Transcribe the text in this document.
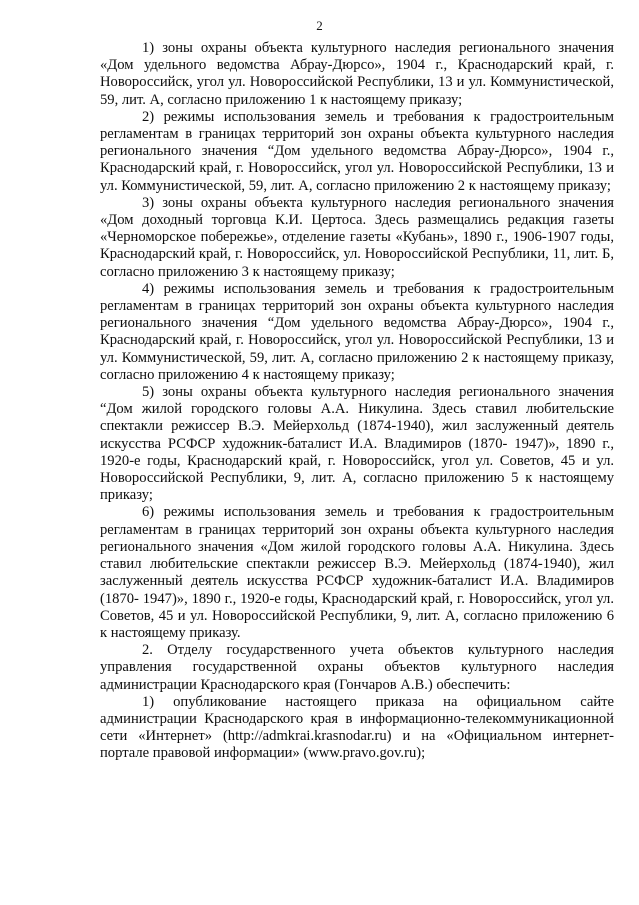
2

1) зоны охраны объекта культурного наследия регионального значения «Дом удельного ведомства Абрау-Дюрсо», 1904 г., Краснодарский край, г. Новороссийск, угол ул. Новороссийской Республики, 13 и ул. Коммунистической, 59, лит. А, согласно приложению 1 к настоящему приказу;

2) режимы использования земель и требования к градостроительным регламентам в границах территорий зон охраны объекта культурного наследия регионального значения “Дом удельного ведомства Абрау-Дюрсо», 1904 г., Краснодарский край, г. Новороссийск, угол ул. Новороссийской Республики, 13 и ул. Коммунистической, 59, лит. А, согласно приложению 2 к настоящему приказу;

3) зоны охраны объекта культурного наследия регионального значения «Дом доходный торговца К.И. Цертоса. Здесь размещались редакция газеты «Черноморское побережье», отделение газеты «Кубань», 1890 г., 1906-1907 годы, Краснодарский край, г. Новороссийск, ул. Новороссийской Республики, 11, лит. Б, согласно приложению 3 к настоящему приказу;

4) режимы использования земель и требования к градостроительным регламентам в границах территорий зон охраны объекта культурного наследия регионального значения “Дом удельного ведомства Абрау-Дюрсо», 1904 г., Краснодарский край, г. Новороссийск, угол ул. Новороссийской Республики, 13 и ул. Коммунистической, 59, лит. А, согласно приложению 2 к настоящему приказу, согласно приложению 4 к настоящему приказу;

5) зоны охраны объекта культурного наследия регионального значения “Дом жилой городского головы А.А. Никулина. Здесь ставил любительские спектакли режиссер В.Э. Мейерхольд (1874-1940), жил заслуженный деятель искусства РСФСР художник-баталист И.А. Владимиров (1870- 1947)», 1890 г., 1920-е годы, Краснодарский край, г. Новороссийск, угол ул. Советов, 45 и ул. Новороссийской Республики, 9, лит. А, согласно приложению 5 к настоящему приказу;

6) режимы использования земель и требования к градостроительным регламентам в границах территорий зон охраны объекта культурного наследия регионального значения «Дом жилой городского головы А.А. Никулина. Здесь ставил любительские спектакли режиссер В.Э. Мейерхольд (1874-1940), жил заслуженный деятель искусства РСФСР художник-баталист И.А. Владимиров (1870- 1947)», 1890 г., 1920-е годы, Краснодарский край, г. Новороссийск, угол ул. Советов, 45 и ул. Новороссийской Республики, 9, лит. А, согласно приложению 6 к настоящему приказу.

2. Отделу государственного учета объектов культурного наследия управления государственной охраны объектов культурного наследия администрации Краснодарского края (Гончаров А.В.) обеспечить:

1) опубликование настоящего приказа на официальном сайте администрации Краснодарского края в информационно-телекоммуникационной сети «Интернет» (http://admkrai.krasnodar.ru) и на «Официальном интернет-портале правовой информации» (www.pravo.gov.ru);
